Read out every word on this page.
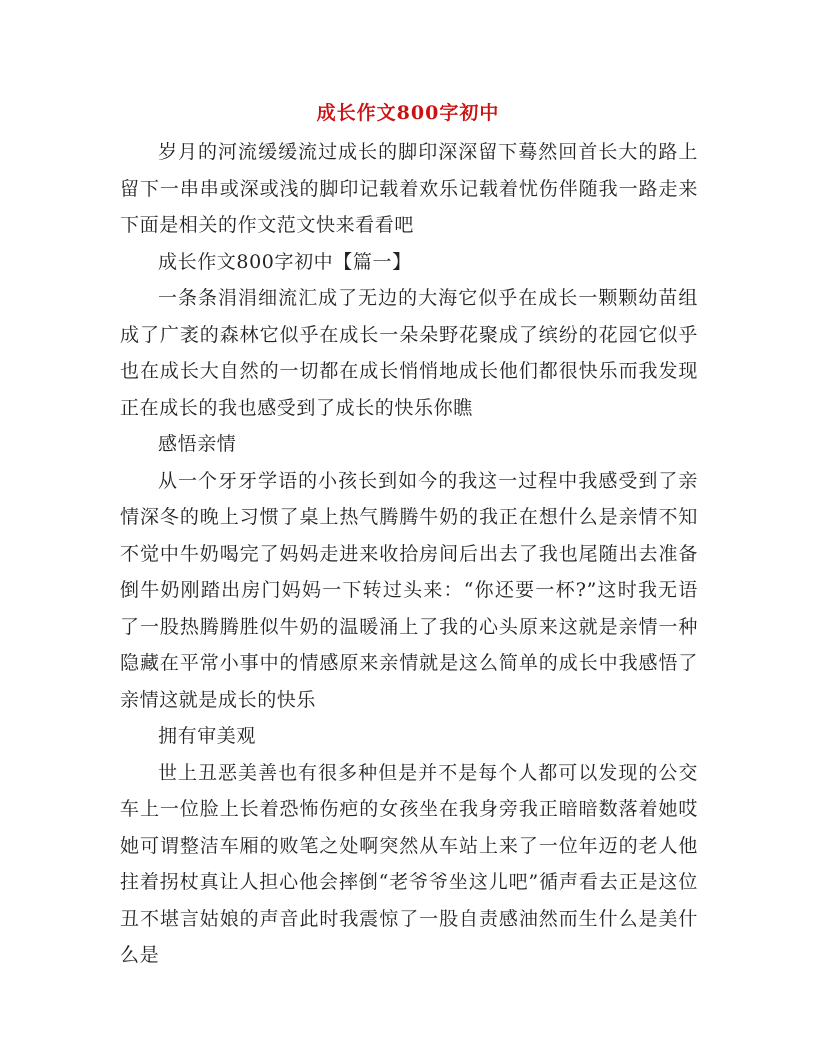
成长作文800字初中

岁月的河流缓缓流过成长的脚印深深留下蓦然回首长大的路上留下一串串或深或浅的脚印记载着欢乐记载着忧伤伴随我一路走来下面是相关的作文范文快来看看吧

成长作文800字初中【篇一】

一条条涓涓细流汇成了无边的大海它似乎在成长一颗颗幼苗组成了广袤的森林它似乎在成长一朵朵野花聚成了缤纷的花园它似乎也在成长大自然的一切都在成长悄悄地成长他们都很快乐而我发现正在成长的我也感受到了成长的快乐你瞧

感悟亲情

从一个牙牙学语的小孩长到如今的我这一过程中我感受到了亲情深冬的晚上习惯了桌上热气腾腾牛奶的我正在想什么是亲情不知不觉中牛奶喝完了妈妈走进来收拾房间后出去了我也尾随出去准备倒牛奶刚踏出房门妈妈一下转过头来：“你还要一杯?”这时我无语了一股热腾腾胜似牛奶的温暖涌上了我的心头原来这就是亲情一种隐藏在平常小事中的情感原来亲情就是这么简单的成长中我感悟了亲情这就是成长的快乐

拥有审美观

世上丑恶美善也有很多种但是并不是每个人都可以发现的公交车上一位脸上长着恐怖伤疤的女孩坐在我身旁我正暗暗数落着她哎她可谓整洁车厢的败笔之处啊突然从车站上来了一位年迈的老人他拄着拐杖真让人担心他会摔倒“老爷爷坐这儿吧”循声看去正是这位丑不堪言姑娘的声音此时我震惊了一股自责感油然而生什么是美什么是
